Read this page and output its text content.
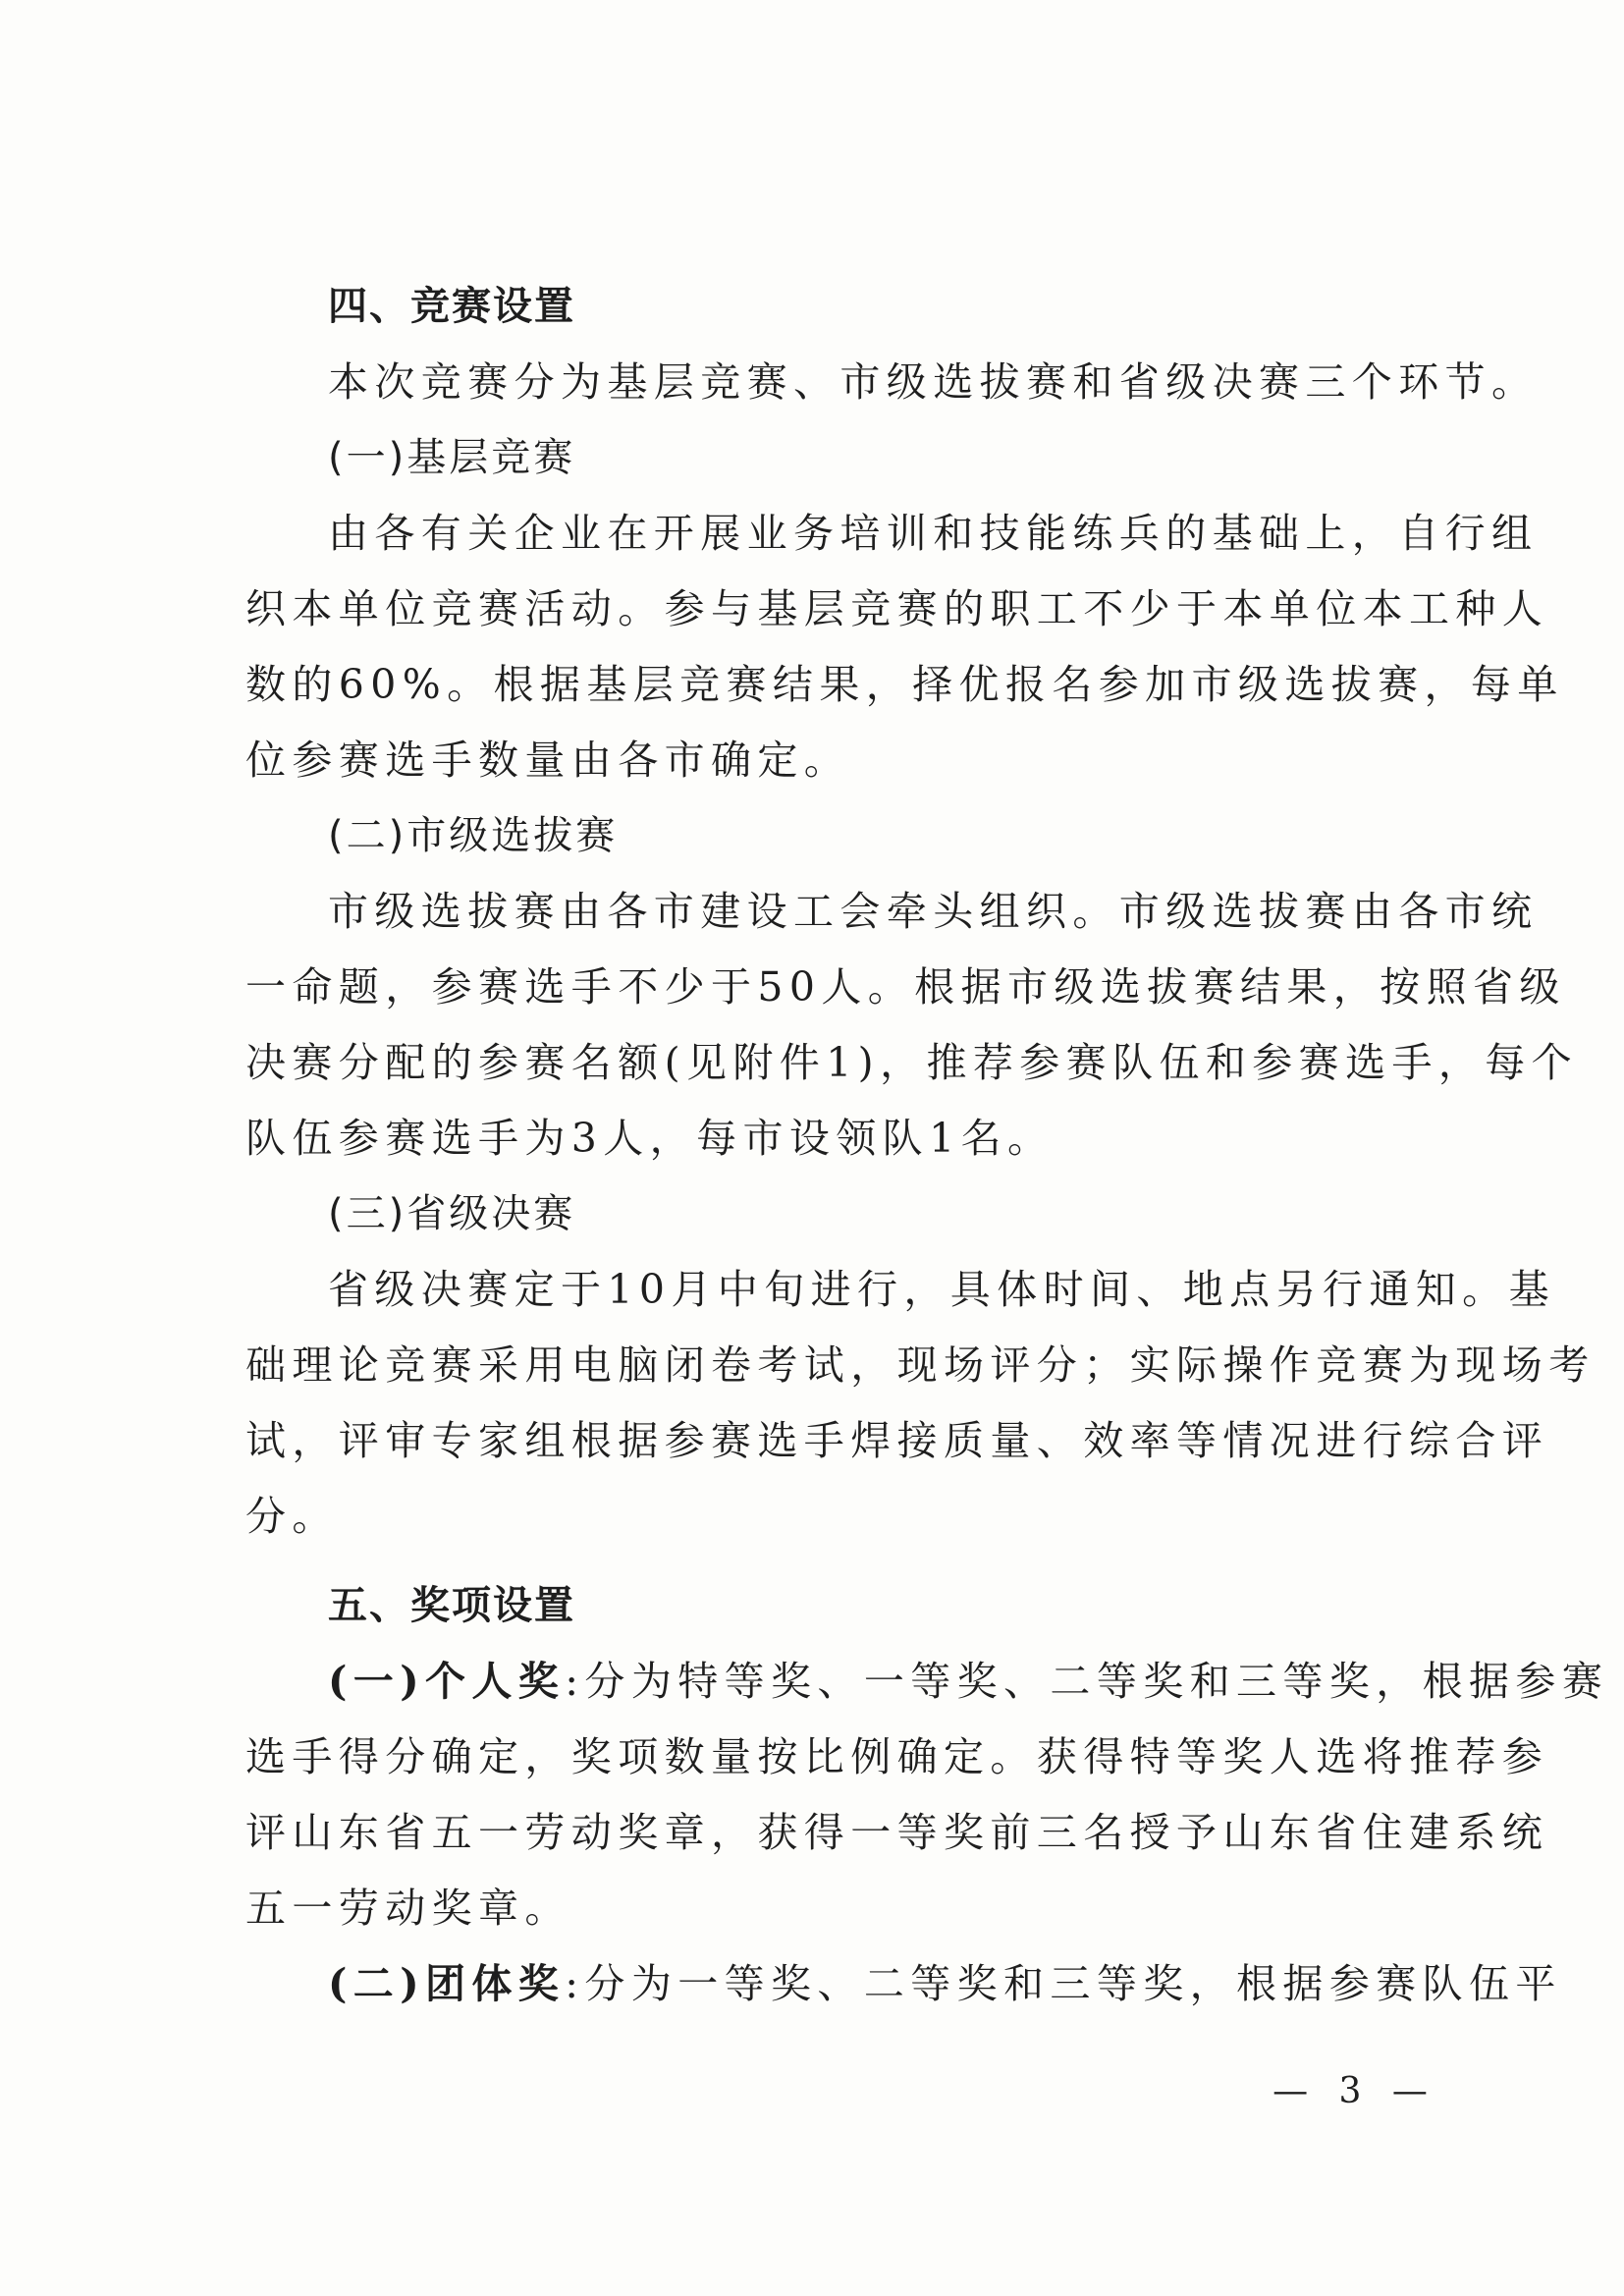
四、竞赛设置

本次竞赛分为基层竞赛、市级选拔赛和省级决赛三个环节。

(一)基层竞赛

由各有关企业在开展业务培训和技能练兵的基础上，自行组

织本单位竞赛活动。参与基层竞赛的职工不少于本单位本工种人

数的60%。根据基层竞赛结果，择优报名参加市级选拔赛，每单

位参赛选手数量由各市确定。

(二)市级选拔赛

市级选拔赛由各市建设工会牵头组织。市级选拔赛由各市统

一命题，参赛选手不少于50人。根据市级选拔赛结果，按照省级

决赛分配的参赛名额(见附件1)，推荐参赛队伍和参赛选手，每个

队伍参赛选手为3人，每市设领队1名。

(三)省级决赛

省级决赛定于10月中旬进行，具体时间、地点另行通知。基

础理论竞赛采用电脑闭卷考试，现场评分；实际操作竞赛为现场考

试，评审专家组根据参赛选手焊接质量、效率等情况进行综合评

分。

五、奖项设置

(一)个人奖:分为特等奖、一等奖、二等奖和三等奖，根据参赛

选手得分确定，奖项数量按比例确定。获得特等奖人选将推荐参

评山东省五一劳动奖章，获得一等奖前三名授予山东省住建系统

五一劳动奖章。

(二)团体奖:分为一等奖、二等奖和三等奖，根据参赛队伍平

— 3 —
